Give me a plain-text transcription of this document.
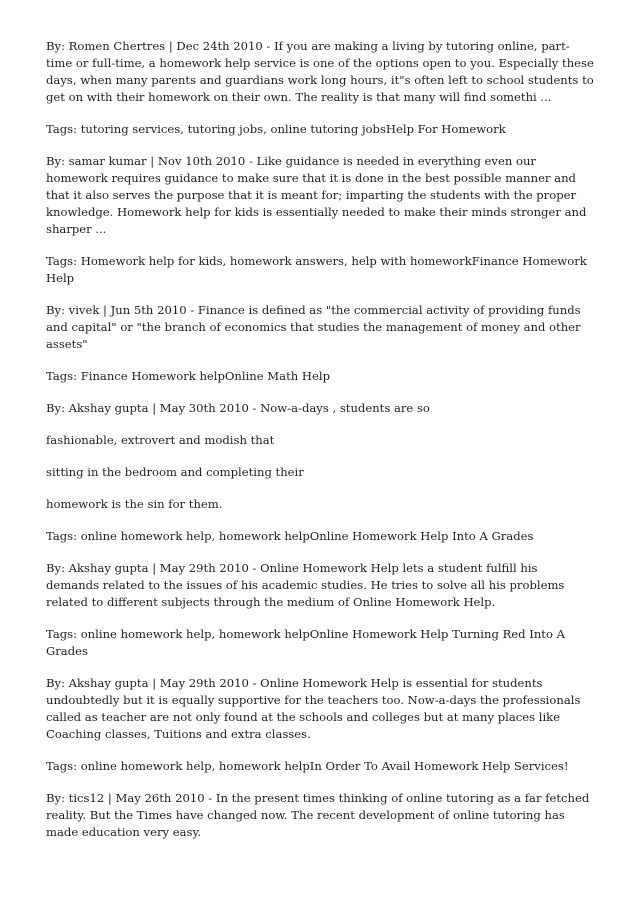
By: Romen Chertres | Dec 24th 2010 - If you are making a living by tutoring online, part-time or full-time, a homework help service is one of the options open to you. Especially these days, when many parents and guardians work long hours, it"s often left to school students to get on with their homework on their own. The reality is that many will find somethi ...

Tags: tutoring services, tutoring jobs, online tutoring jobsHelp For Homework

By: samar kumar | Nov 10th 2010 - Like guidance is needed in everything even our homework requires guidance to make sure that it is done in the best possible manner and that it also serves the purpose that it is meant for; imparting the students with the proper knowledge. Homework help for kids is essentially needed to make their minds stronger and sharper ...

Tags: Homework help for kids, homework answers, help with homeworkFinance Homework Help

By: vivek | Jun 5th 2010 - Finance is defined as "the commercial activity of providing funds and capital" or "the branch of economics that studies the management of money and other assets"

Tags: Finance Homework helpOnline Math Help

By: Akshay gupta | May 30th 2010 - Now-a-days , students are so

fashionable, extrovert and modish that

sitting in the bedroom and completing their

homework is the sin for them.

Tags: online homework help, homework helpOnline Homework Help Into A Grades

By: Akshay gupta | May 29th 2010 - Online Homework Help lets a student fulfill his demands related to the issues of his academic studies. He tries to solve all his problems related to different subjects through the medium of Online Homework Help.

Tags: online homework help, homework helpOnline Homework Help Turning Red Into A Grades

By: Akshay gupta | May 29th 2010 - Online Homework Help is essential for students undoubtedly but it is equally supportive for the teachers too. Now-a-days the professionals called as teacher are not only found at the schools and colleges but at many places like Coaching classes, Tuitions and extra classes.

Tags: online homework help, homework helpIn Order To Avail Homework Help Services!

By: tics12 | May 26th 2010 - In the present times thinking of online tutoring as a far fetched reality. But the Times have changed now. The recent development of online tutoring has made education very easy.
